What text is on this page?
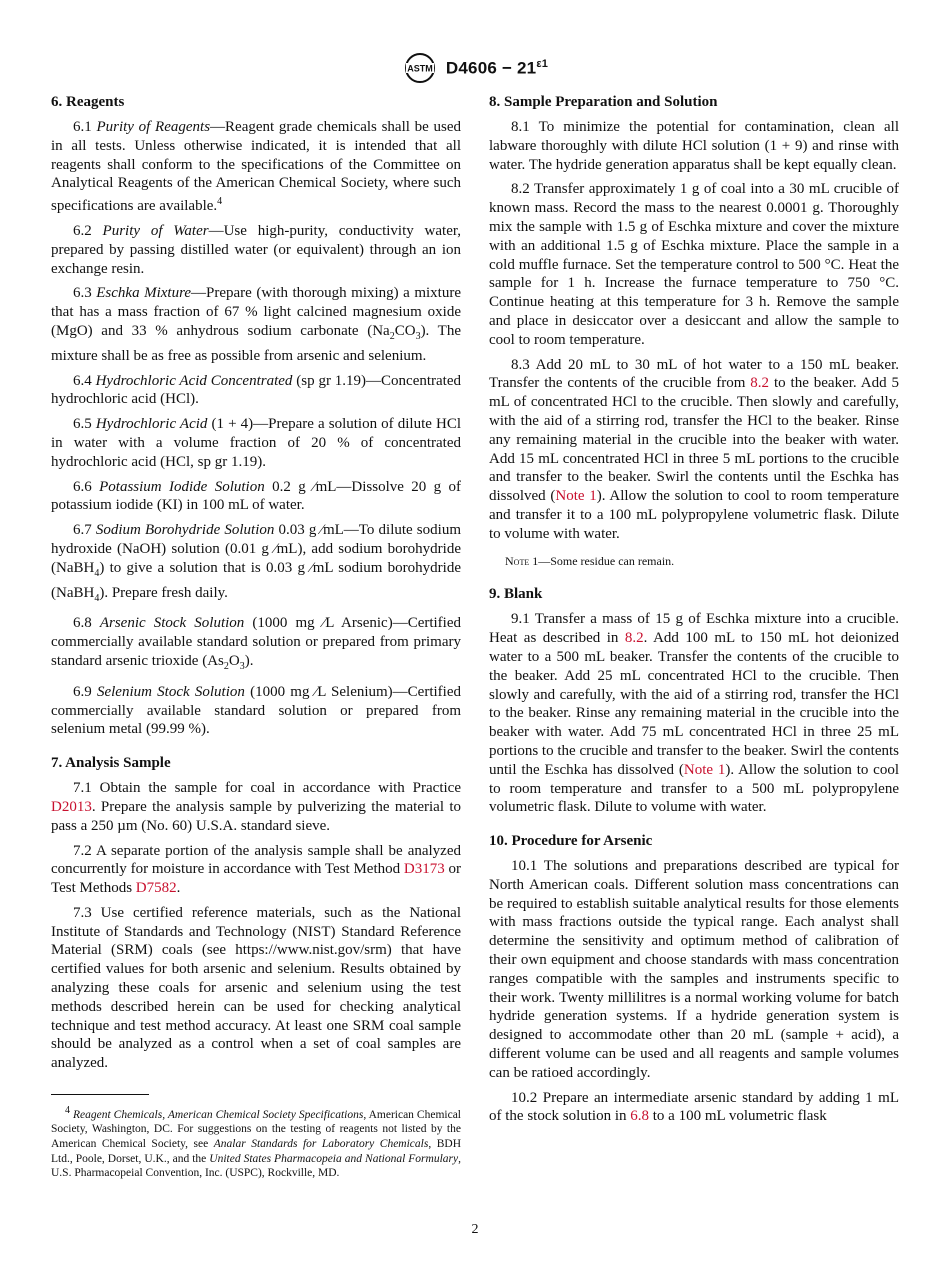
ASTM $D4606 - 21^{\varepsilon 1}$
6. Reagents

6.1 Purity of Reagents—Reagent grade chemicals shall be used in all tests. Unless otherwise indicated, it is intended that all reagents shall conform to the specifications of the Committee on Analytical Reagents of the American Chemical Society, where such specifications are available.$^4$

6.2 Purity of Water—Use high-purity, conductivity water, prepared by passing distilled water (or equivalent) through an ion exchange resin.

6.3 Eschka Mixture—Prepare (with thorough mixing) a mixture that has a mass fraction of 67 % light calcined magnesium oxide (MgO) and 33 % anhydrous sodium carbonate $(Na_2CO_3)$. The mixture shall be as free as possible from arsenic and selenium.

6.4 Hydrochloric Acid Concentrated (sp gr 1.19)—Concentrated hydrochloric acid (HCl).

6.5 Hydrochloric Acid (1 + 4)—Prepare a solution of dilute HCl in water with a volume fraction of 20 % of concentrated hydrochloric acid (HCl, sp gr 1.19).

6.6 Potassium Iodide Solution 0.2 g ⁄mL—Dissolve 20 g of potassium iodide (KI) in 100 mL of water.

6.7 Sodium Borohydride Solution 0.03 g ⁄mL—To dilute sodium hydroxide (NaOH) solution (0.01 g ⁄mL), add sodium borohydride (NaBH$_4$) to give a solution that is 0.03 g ⁄mL sodium borohydride (NaBH$_4$). Prepare fresh daily.

6.8 Arsenic Stock Solution (1000 mg ⁄L Arsenic)—Certified commercially available standard solution or prepared from primary standard arsenic trioxide $(As_2O_3)$.

6.9 Selenium Stock Solution (1000 mg ⁄L Selenium)—Certified commercially available standard solution or prepared from selenium metal (99.99 %).

7. Analysis Sample

7.1 Obtain the sample for coal in accordance with Practice D2013. Prepare the analysis sample by pulverizing the material to pass a 250 µm (No. 60) U.S.A. standard sieve.

7.2 A separate portion of the analysis sample shall be analyzed concurrently for moisture in accordance with Test Method D3173 or Test Methods D7582.

7.3 Use certified reference materials, such as the National Institute of Standards and Technology (NIST) Standard Reference Material (SRM) coals (see https://www.nist.gov/srm) that have certified values for both arsenic and selenium. Results obtained by analyzing these coals for arsenic and selenium using the test methods described herein can be used for checking analytical technique and test method accuracy. At least one SRM coal sample should be analyzed as a control when a set of coal samples are analyzed.

$^4$ Reagent Chemicals, American Chemical Society Specifications, American Chemical Society, Washington, DC. For suggestions on the testing of reagents not listed by the American Chemical Society, see Analar Standards for Laboratory Chemicals, BDH Ltd., Poole, Dorset, U.K., and the United States Pharmacopeia and National Formulary, U.S. Pharmacopeial Convention, Inc. (USPC), Rockville, MD.

8. Sample Preparation and Solution

8.1 To minimize the potential for contamination, clean all labware thoroughly with dilute HCl solution (1 + 9) and rinse with water. The hydride generation apparatus shall be kept equally clean.

8.2 Transfer approximately 1 g of coal into a 30 mL crucible of known mass. Record the mass to the nearest 0.0001 g. Thoroughly mix the sample with 1.5 g of Eschka mixture and cover the mixture with an additional 1.5 g of Eschka mixture. Place the sample in a cold muffle furnace. Set the temperature control to 500 °C. Heat the sample for 1 h. Increase the furnace temperature to 750 °C. Continue heating at this temperature for 3 h. Remove the sample and place in desiccator over a desiccant and allow the sample to cool to room temperature.

8.3 Add 20 mL to 30 mL of hot water to a 150 mL beaker. Transfer the contents of the crucible from 8.2 to the beaker. Add 5 mL of concentrated HCl to the crucible. Then slowly and carefully, with the aid of a stirring rod, transfer the HCl to the beaker. Rinse any remaining material in the crucible into the beaker with water. Add 15 mL concentrated HCl in three 5 mL portions to the crucible and transfer to the beaker. Swirl the contents until the Eschka has dissolved (Note 1). Allow the solution to cool to room temperature and transfer it to a 100 mL polypropylene volumetric flask. Dilute to volume with water.

Note 1—Some residue can remain.

9. Blank

9.1 Transfer a mass of 15 g of Eschka mixture into a crucible. Heat as described in 8.2. Add 100 mL to 150 mL hot deionized water to a 500 mL beaker. Transfer the contents of the crucible to the beaker. Add 25 mL concentrated HCl to the crucible. Then slowly and carefully, with the aid of a stirring rod, transfer the HCl to the beaker. Rinse any remaining material in the crucible into the beaker with water. Add 75 mL concentrated HCl in three 25 mL portions to the crucible and transfer to the beaker. Swirl the contents until the Eschka has dissolved (Note 1). Allow the solution to cool to room temperature and transfer to a 500 mL polypropylene volumetric flask. Dilute to volume with water.

10. Procedure for Arsenic

10.1 The solutions and preparations described are typical for North American coals. Different solution mass concentrations can be required to establish suitable analytical results for those elements with mass fractions outside the typical range. Each analyst shall determine the sensitivity and optimum method of calibration of their own equipment and choose standards with mass concentration ranges compatible with the samples and instruments specific to their work. Twenty millilitres is a normal working volume for batch hydride generation systems. If a hydride generation system is designed to accommodate other than 20 mL (sample + acid), a different volume can be used and all reagents and sample volumes can be ratioed accordingly.

10.2 Prepare an intermediate arsenic standard by adding 1 mL of the stock solution in 6.8 to a 100 mL volumetric flask

2
